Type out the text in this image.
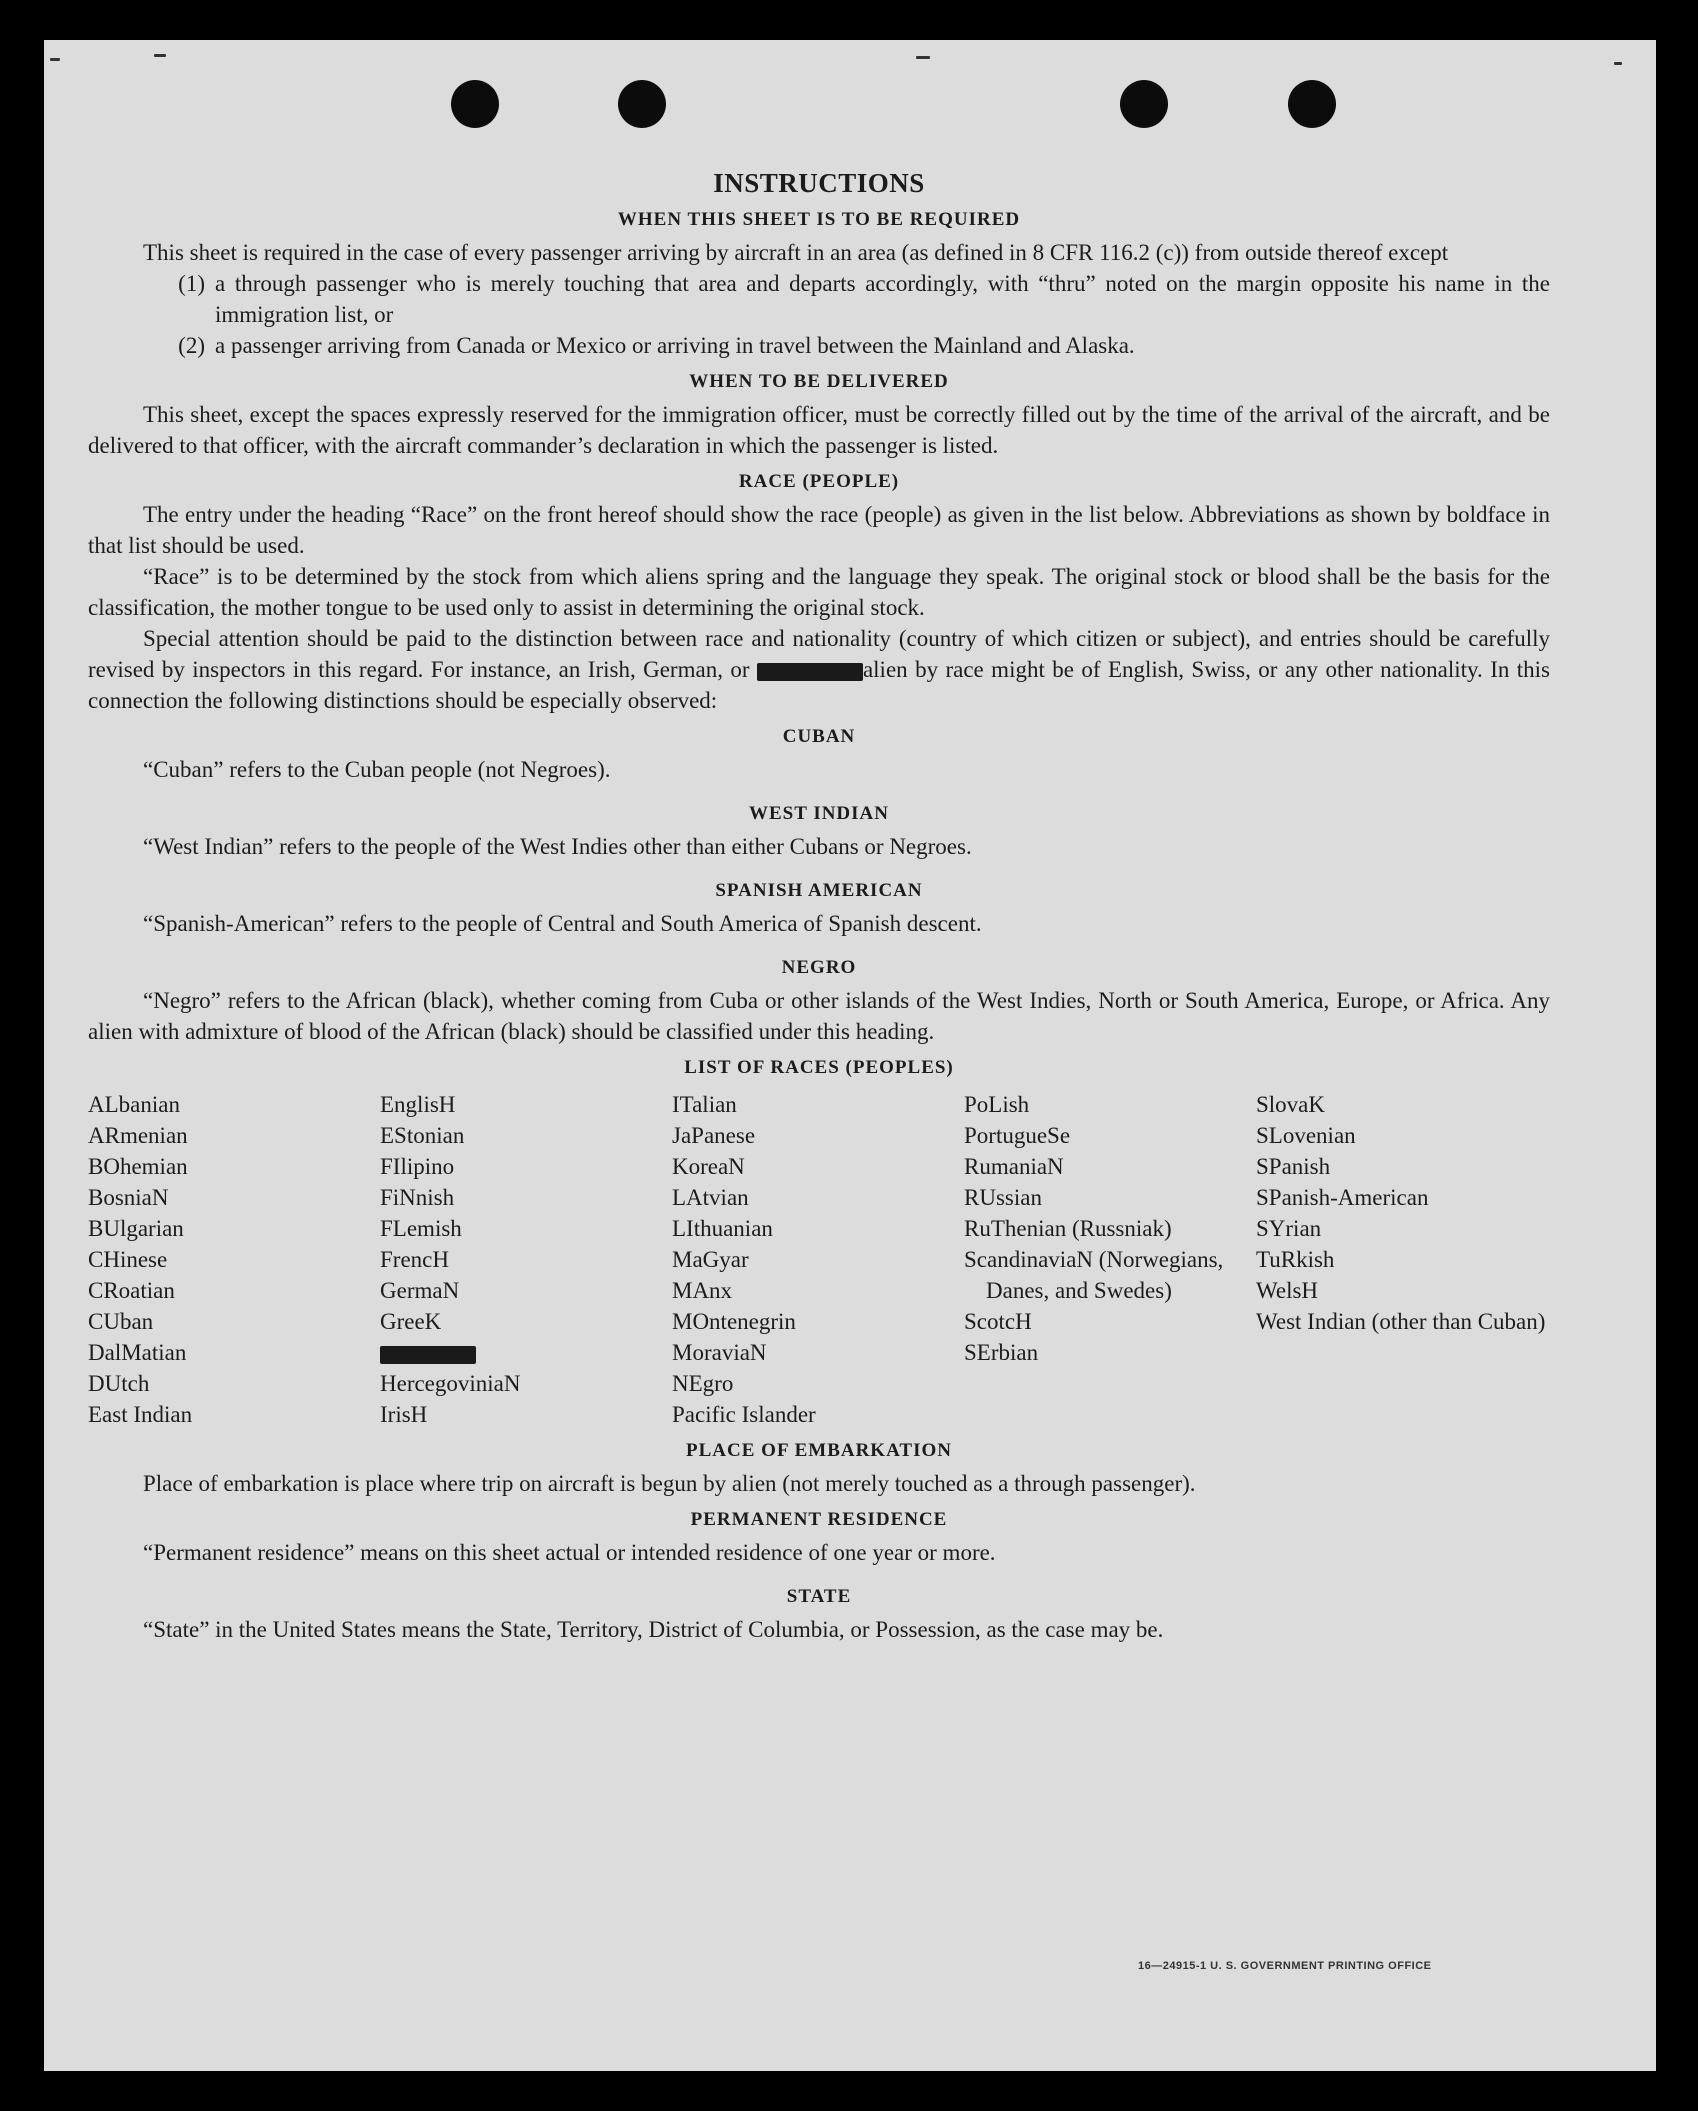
INSTRUCTIONS
WHEN THIS SHEET IS TO BE REQUIRED

This sheet is required in the case of every passenger arriving by aircraft in an area (as defined in 8 CFR 116.2 (c)) from outside thereof except

(1) a through passenger who is merely touching that area and departs accordingly, with “thru” noted on the margin opposite his name in the immigration list, or
(2) a passenger arriving from Canada or Mexico or arriving in travel between the Mainland and Alaska.
WHEN TO BE DELIVERED

This sheet, except the spaces expressly reserved for the immigration officer, must be correctly filled out by the time of the arrival of the aircraft, and be delivered to that officer, with the aircraft commander’s declaration in which the passenger is listed.

RACE (PEOPLE)

The entry under the heading “Race” on the front hereof should show the race (people) as given in the list below. Abbreviations as shown by boldface in that list should be used.

“Race” is to be determined by the stock from which aliens spring and the language they speak. The original stock or blood shall be the basis for the classification, the mother tongue to be used only to assist in determining the original stock.

Special attention should be paid to the distinction between race and nationality (country of which citizen or subject), and entries should be carefully revised by inspectors in this regard. For instance, an Irish, German, or	alien by race might be of English, Swiss, or any other nationality. In this connection the following distinctions should be especially observed:

CUBAN
“Cuban” refers to the Cuban people (not Negroes).
WEST INDIAN
“West Indian” refers to the people of the West Indies other than either Cubans or Negroes.
SPANISH AMERICAN
“Spanish-American” refers to the people of Central and South America of Spanish descent.
NEGRO

“Negro” refers to the African (black), whether coming from Cuba or other islands of the West Indies, North or South America, Europe, or Africa. Any alien with admixture of blood of the African (black) should be classified under this heading.

LIST OF RACES (PEOPLES)
ALbanian
ARmenian
BOhemian
BosniaN
BUlgarian
CHinese
CRoatian
CUban
DalMatian
DUtch
East Indian
EnglisH
EStonian
FIlipino
FiNnish
FLemish
FrencH
GermaN
GreeK
HercegoviniaN
IrisH
ITalian
JaPanese
KoreaN
LAtvian
LIthuanian
MaGyar
MAnx
MOntenegrin
MoraviaN
NEgro
Pacific Islander
PoLish
PortugueSe
RumaniaN
RUssian
RuThenian (Russniak)
ScandinaviaN (Norwegians, Danes, and Swedes)
ScotcH
SErbian
SlovaK
SLovenian
SPanish
SPanish-American
SYrian
TuRkish
WelsH
West Indian (other than Cuban)
PLACE OF EMBARKATION

Place of embarkation is place where trip on aircraft is begun by alien (not merely touched as a through passenger).

PERMANENT RESIDENCE
“Permanent residence” means on this sheet actual or intended residence of one year or more.
STATE

“State” in the United States means the State, Territory, District of Columbia, or Possession, as the case may be.

16—24915-1 U. S. GOVERNMENT PRINTING OFFICE
